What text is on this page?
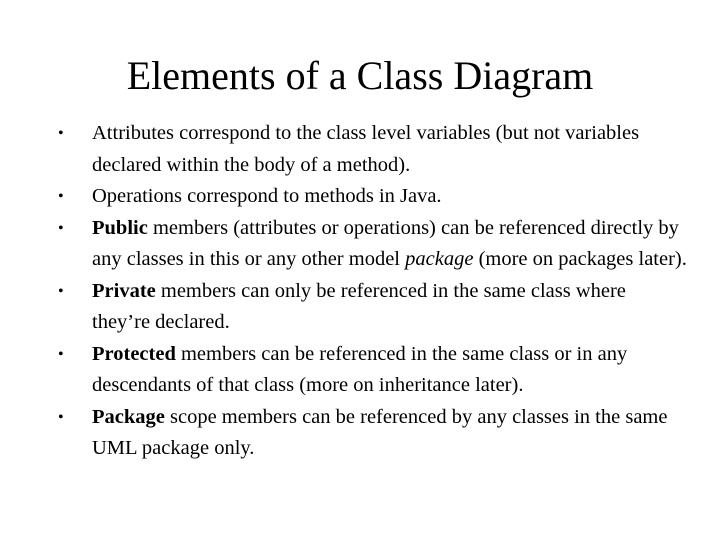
Elements of a Class Diagram
• Attributes correspond to the class level variables (but not variables declared within the body of a method).
• Operations correspond to methods in Java.
• Public members (attributes or operations) can be referenced directly by any classes in this or any other model package (more on packages later).
• Private members can only be referenced in the same class where they’re declared.
• Protected members can be referenced in the same class or in any descendants of that class (more on inheritance later).
• Package scope members can be referenced by any classes in the same UML package only.
